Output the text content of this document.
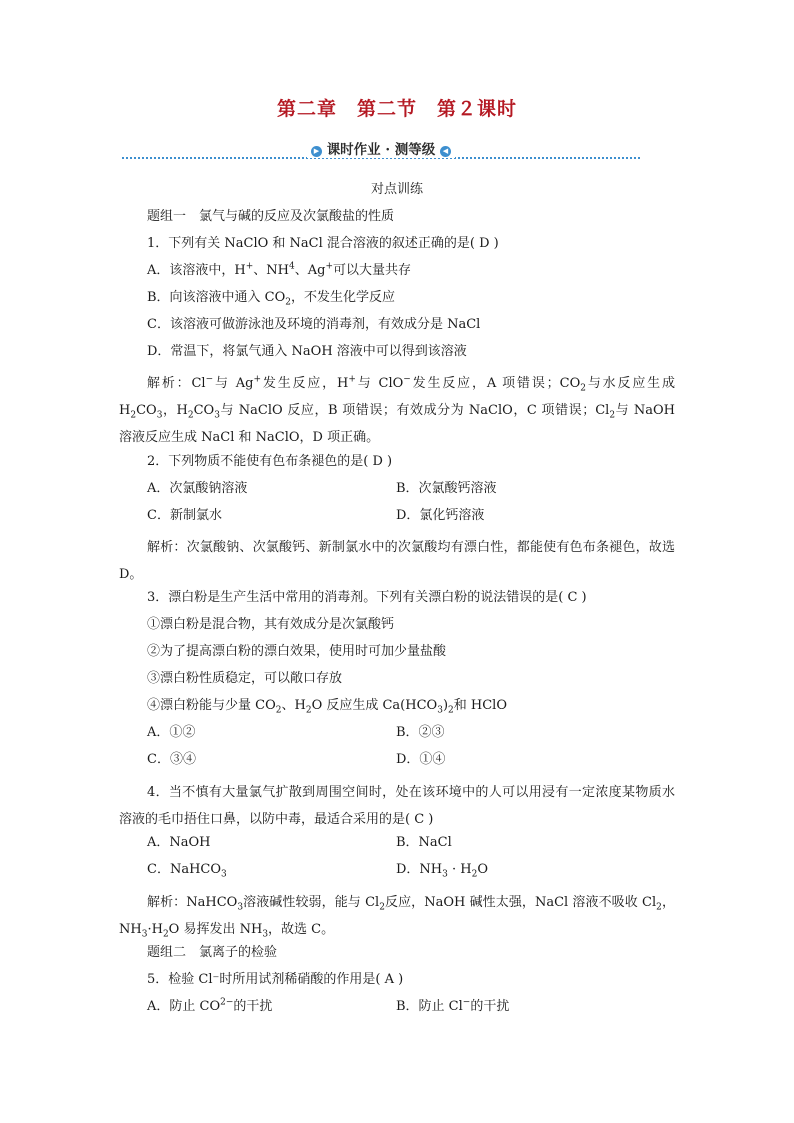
第二章　第二节　第２课时
▶ 课时作业 · 测等级 ◀
对点训练
题组一　氯气与碱的反应及次氯酸盐的性质
1．下列有关 NaClO 和 NaCl 混合溶液的叙述正确的是( D )
A．该溶液中，H+、$NH^4$、Ag+可以大量共存
B．向该溶液中通入 $CO_2$，不发生化学反应
C．该溶液可做游泳池及环境的消毒剂，有效成分是 NaCl
D．常温下，将氯气通入 NaOH 溶液中可以得到该溶液
解析：Cl−与 Ag+发生反应，H+与 ClO−发生反应，A 项错误；$CO_2$与水反应生成 $H_2CO_3$，$H_2CO_3$与 NaClO 反应，B 项错误；有效成分为 NaClO，C 项错误；$Cl_2$与 NaOH 溶液反应生成 NaCl 和 NaClO，D 项正确。
2．下列物质不能使有色布条褪色的是( D )
A．次氯酸钠溶液	B．次氯酸钙溶液
C．新制氯水	D．氯化钙溶液
解析：次氯酸钠、次氯酸钙、新制氯水中的次氯酸均有漂白性，都能使有色布条褪色，故选 D。
3．漂白粉是生产生活中常用的消毒剂。下列有关漂白粉的说法错误的是( C )
①漂白粉是混合物，其有效成分是次氯酸钙
②为了提高漂白粉的漂白效果，使用时可加少量盐酸
③漂白粉性质稳定，可以敞口存放
④漂白粉能与少量 $CO_2$、$H_2O$ 反应生成 $Ca(HCO_3)_2$和 HClO
A．①②	B．②③
C．③④	D．①④
4．当不慎有大量氯气扩散到周围空间时，处在该环境中的人可以用浸有一定浓度某物质水溶液的毛巾捂住口鼻，以防中毒，最适合采用的是( C )
A．NaOH	B．NaCl
C．NaHCO$_3$	D．$NH_3 \cdot H_2O$
解析：NaHCO$_3$溶液碱性较弱，能与 $Cl_2$反应，NaOH 碱性太强，NaCl 溶液不吸收 $Cl_2$，$NH_3\cdot H_2O$ 易挥发出 $NH_3$，故选 C。
题组二　氯离子的检验
5．检验 Cl⁻时所用试剂稀硝酸的作用是( A )
A．防止 $CO^{2-}$的干扰	B．防止 Cl−的干扰
